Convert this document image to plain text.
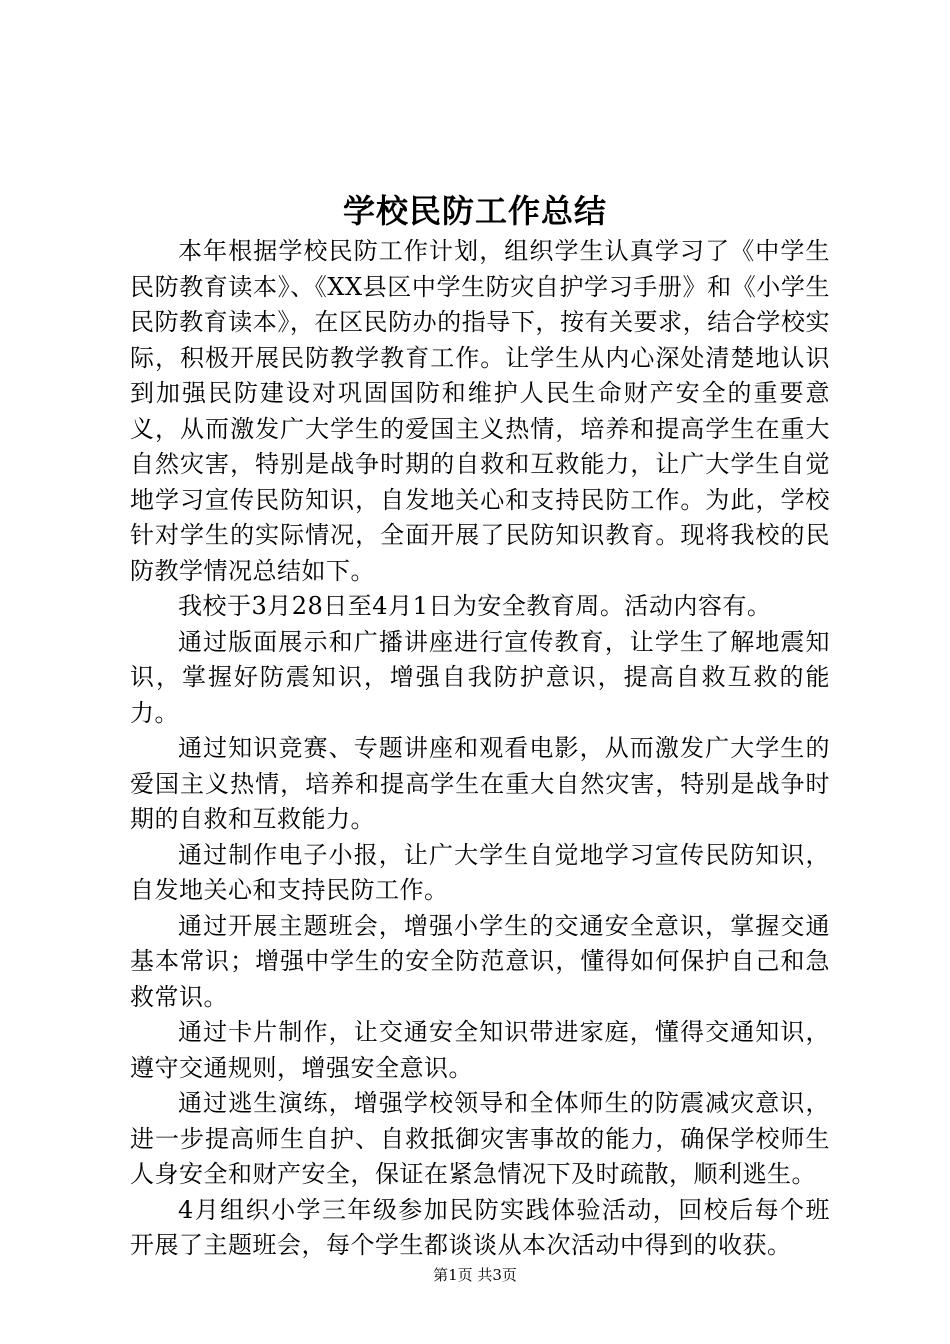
学校民防工作总结

本年根据学校民防工作计划，组织学生认真学习了《中学生民防教育读本》、《XX县区中学生防灾自护学习手册》和《小学生民防教育读本》，在区民防办的指导下，按有关要求，结合学校实际，积极开展民防教学教育工作。让学生从内心深处清楚地认识到加强民防建设对巩固国防和维护人民生命财产安全的重要意义，从而激发广大学生的爱国主义热情，培养和提高学生在重大自然灾害，特别是战争时期的自救和互救能力，让广大学生自觉地学习宣传民防知识，自发地关心和支持民防工作。为此，学校针对学生的实际情况，全面开展了民防知识教育。现将我校的民防教学情况总结如下。

我校于3月28日至4月1日为安全教育周。活动内容有。

通过版面展示和广播讲座进行宣传教育，让学生了解地震知识，掌握好防震知识，增强自我防护意识，提高自救互救的能力。

通过知识竞赛、专题讲座和观看电影，从而激发广大学生的爱国主义热情，培养和提高学生在重大自然灾害，特别是战争时期的自救和互救能力。

通过制作电子小报，让广大学生自觉地学习宣传民防知识，自发地关心和支持民防工作。

通过开展主题班会，增强小学生的交通安全意识，掌握交通基本常识；增强中学生的安全防范意识，懂得如何保护自己和急救常识。

通过卡片制作，让交通安全知识带进家庭，懂得交通知识，遵守交通规则，增强安全意识。

通过逃生演练，增强学校领导和全体师生的防震减灾意识，进一步提高师生自护、自救抵御灾害事故的能力，确保学校师生人身安全和财产安全，保证在紧急情况下及时疏散，顺利逃生。

4月组织小学三年级参加民防实践体验活动，回校后每个班开展了主题班会，每个学生都谈谈从本次活动中得到的收获。

第1页 共3页
